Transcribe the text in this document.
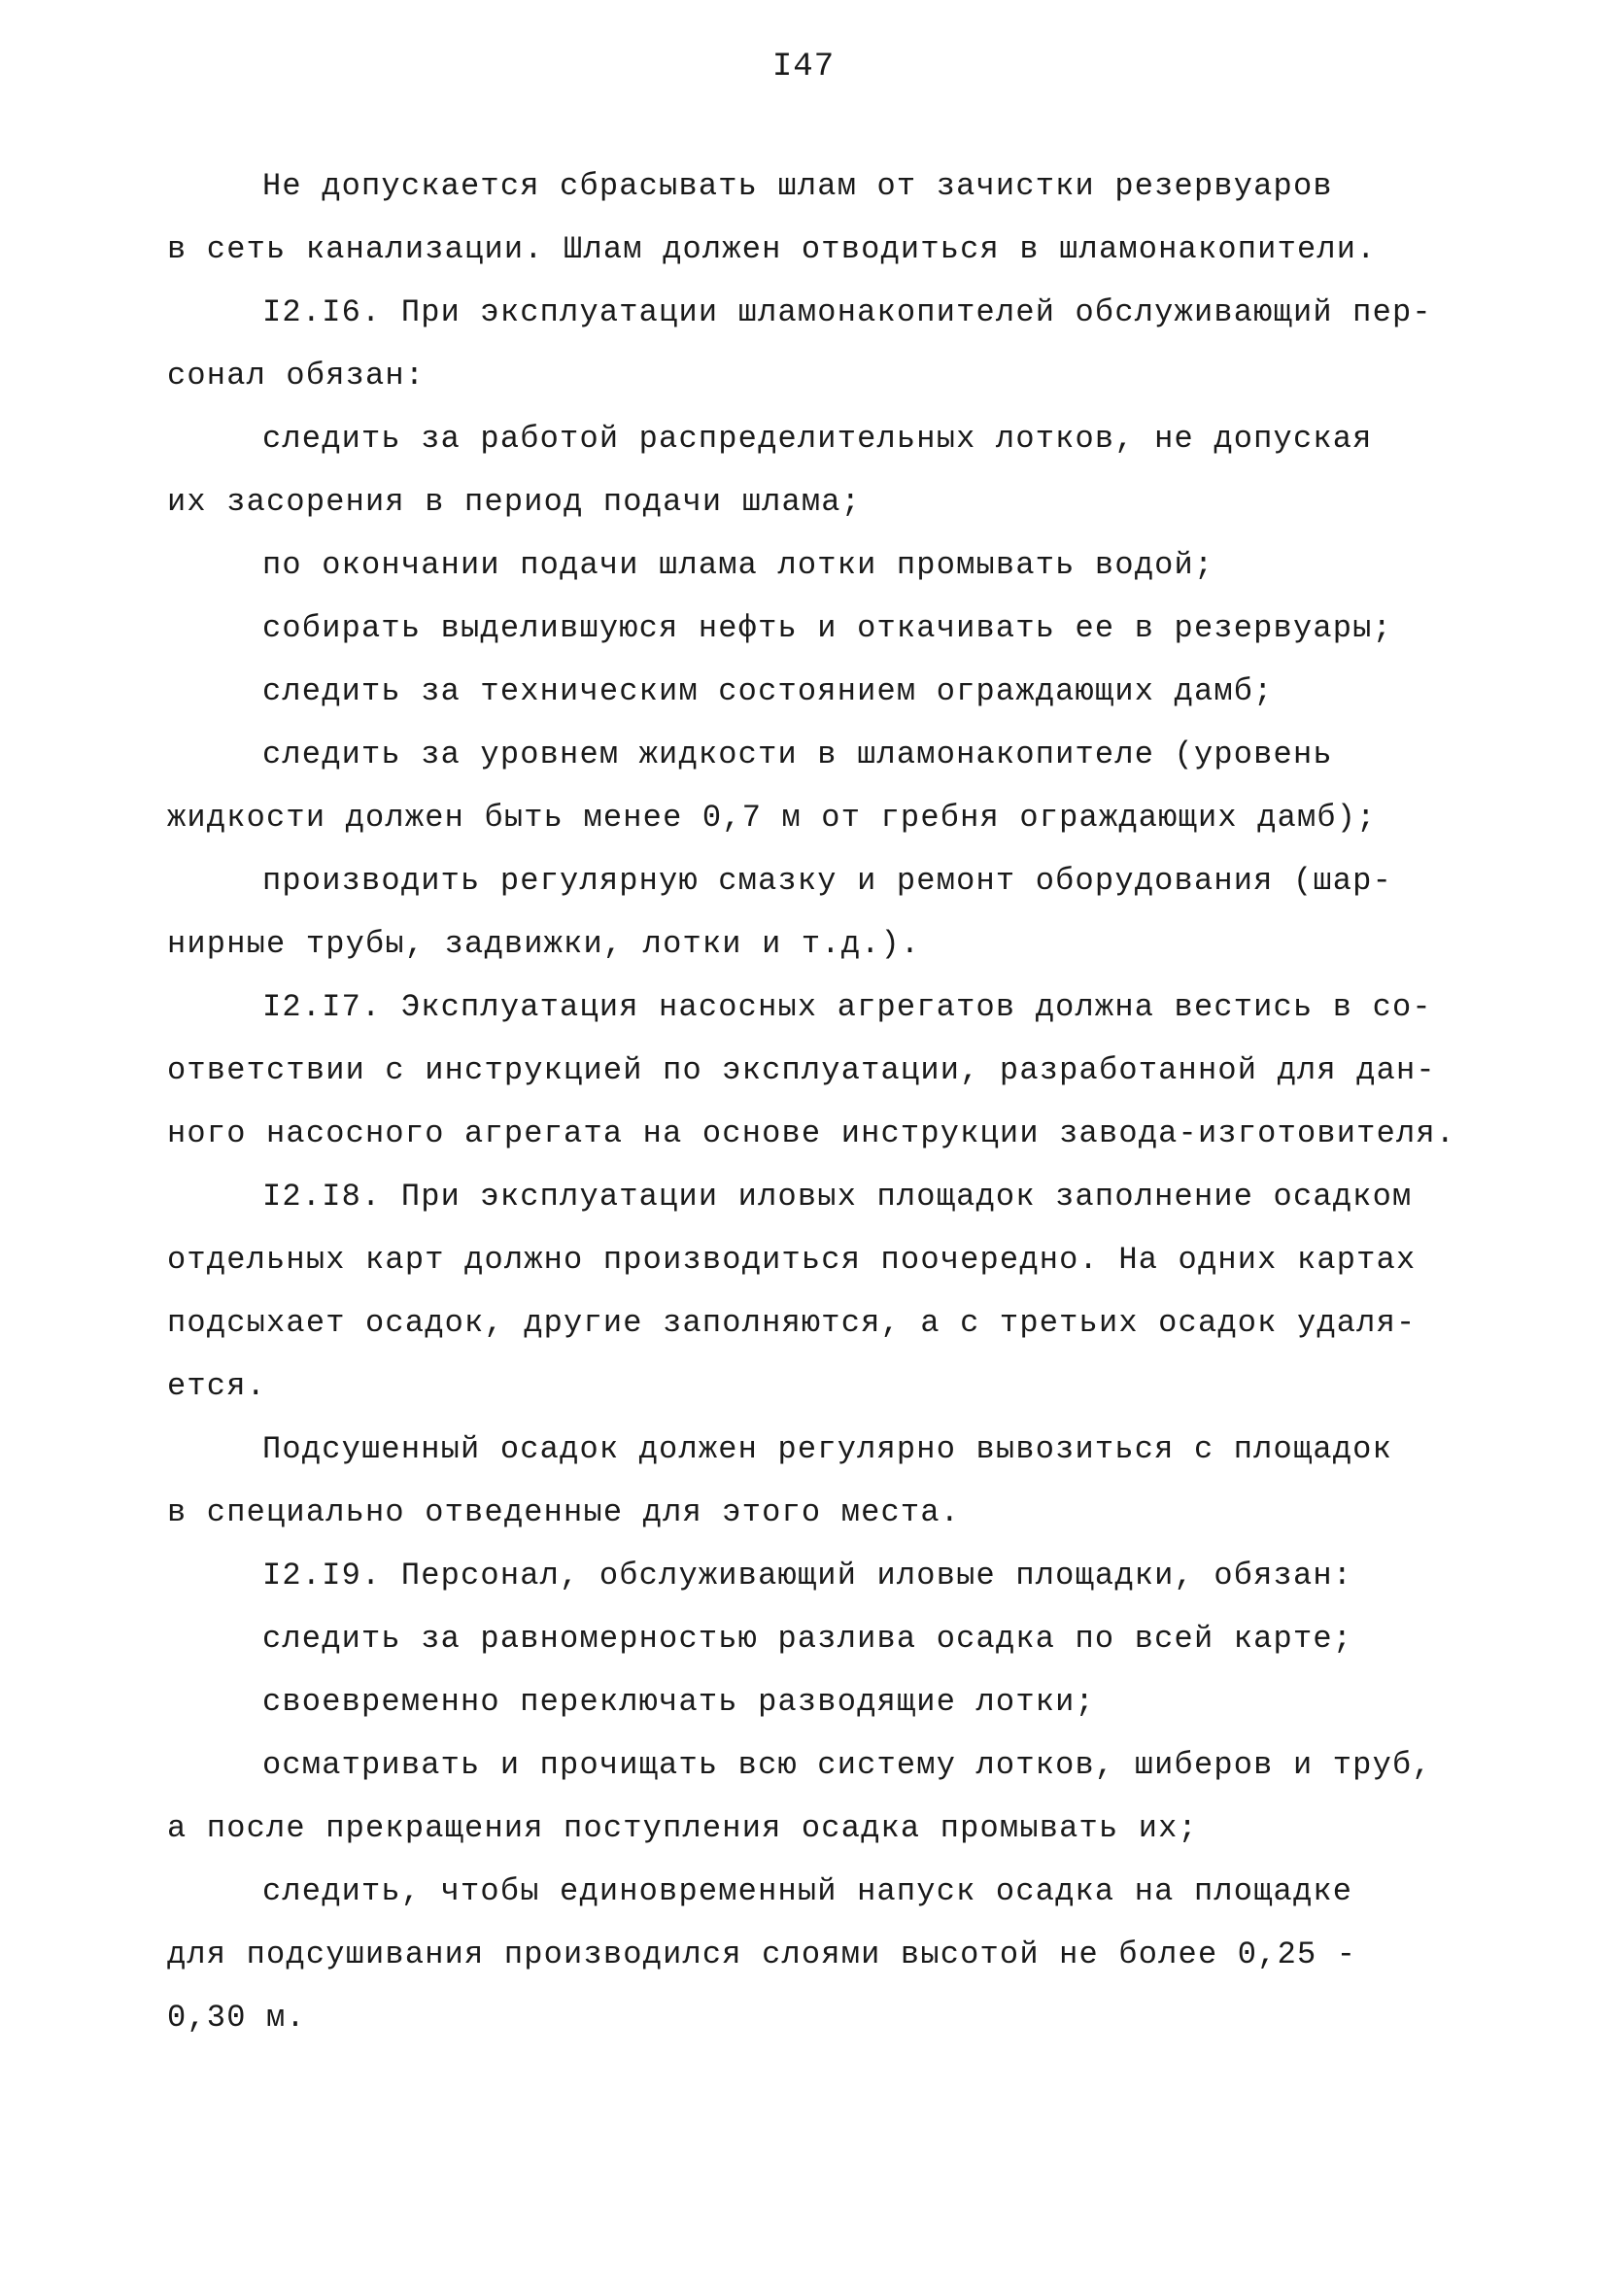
I47
Не допускается сбрасывать шлам от зачистки резервуаров
в сеть канализации. Шлам должен отводиться в шламонакопители.
I2.I6. При эксплуатации шламонакопителей обслуживающий пер-
сонал обязан:
следить за работой распределительных лотков, не допуская
их засорения в период подачи шлама;
по окончании подачи шлама лотки промывать водой;
собирать выделившуюся нефть и откачивать ее в резервуары;
следить за техническим состоянием ограждающих дамб;
следить за уровнем жидкости в шламонакопителе (уровень
жидкости должен быть менее 0,7 м от гребня ограждающих дамб);
производить регулярную смазку и ремонт оборудования (шар-
нирные трубы, задвижки, лотки и т.д.).
I2.I7. Эксплуатация насосных агрегатов должна вестись в со-
ответствии с инструкцией по эксплуатации, разработанной для дан-
ного насосного агрегата на основе инструкции завода-изготовителя.
I2.I8. При эксплуатации иловых площадок заполнение осадком
отдельных карт должно производиться поочередно. На одних картах
подсыхает осадок, другие заполняются, а с третьих осадок удаля-
ется.
Подсушенный осадок должен регулярно вывозиться с площадок
в специально отведенные для этого места.
I2.I9. Персонал, обслуживающий иловые площадки, обязан:
следить за равномерностью разлива осадка по всей карте;
своевременно переключать разводящие лотки;
осматривать и прочищать всю систему лотков, шиберов и труб,
а после прекращения поступления осадка промывать их;
следить, чтобы единовременный напуск осадка на площадке
для подсушивания производился слоями высотой не более 0,25 -
0,30 м.
